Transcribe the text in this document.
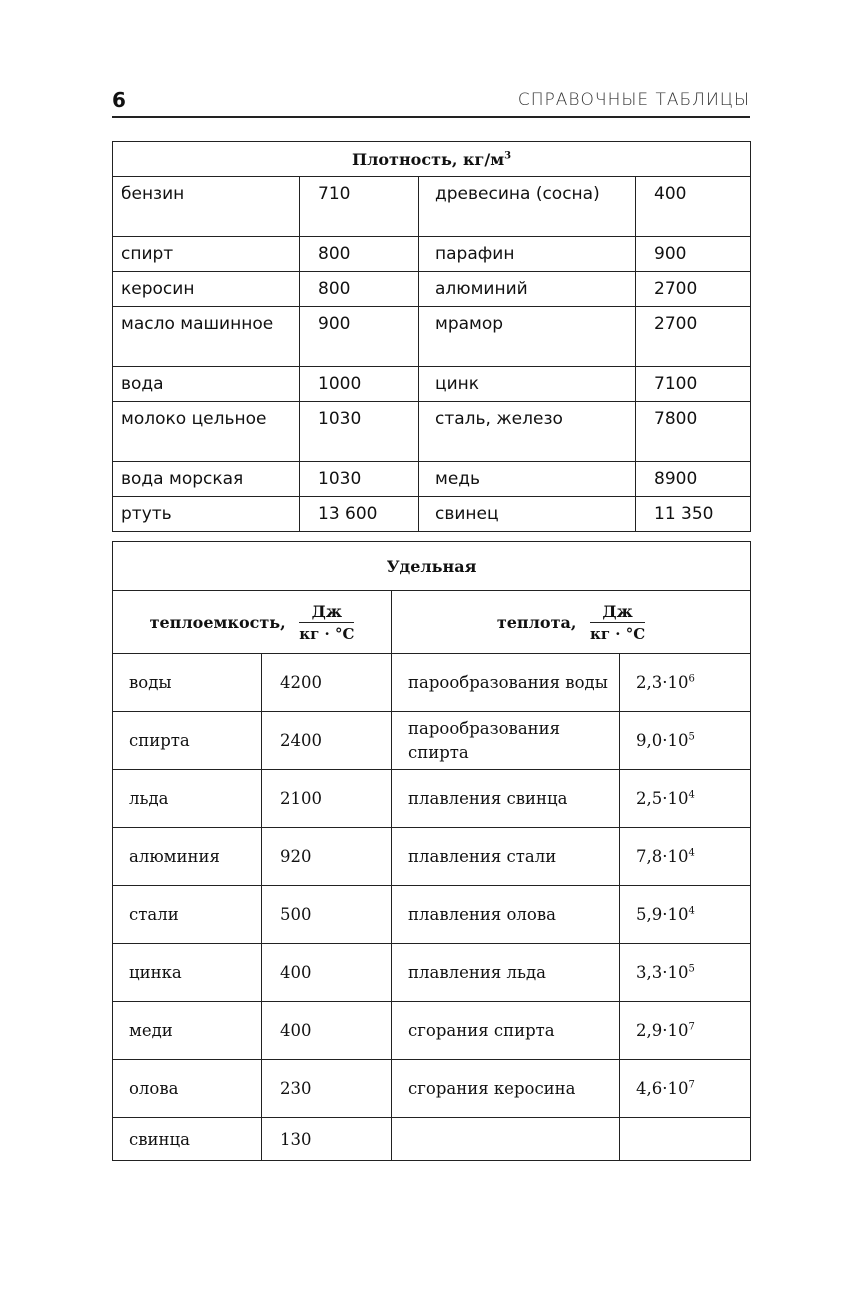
6	СПРАВОЧНЫЕ ТАБЛИЦЫ
Плотность, $кг/м^3$
бензин	710	древесина (сосна)	400
спирт	800	парафин	900
керосин	800	алюминий	2700
масло машинное	900	мрамор	2700
вода	1000	цинк	7100
молоко цельное	1030	сталь, железо	7800
вода морская	1030	медь	8900
ртуть	13 600	свинец	11 350
Удельная			
теплоемкость, $\frac{Дж}{кг \cdot ^\circ С}$		теплота, $\frac{Дж}{кг \cdot ^\circ С}$

воды	4200	парообразования воды	$2,3\cdot 10^6$
спирта	2400	парообразования спирта	$9,0\cdot 10^5$
льда	2100	плавления свинца	$2,5\cdot 10^4$
алюминия	920	плавления стали	$7,8\cdot 10^4$
стали	500	плавления олова	$5,9\cdot 10^4$
цинка	400	плавления льда	$3,3\cdot 10^5$
меди	400	сгорания спирта	$2,9\cdot 10^7$
олова	230	сгорания керосина	$4,6\cdot 10^7$
свинца	130		
